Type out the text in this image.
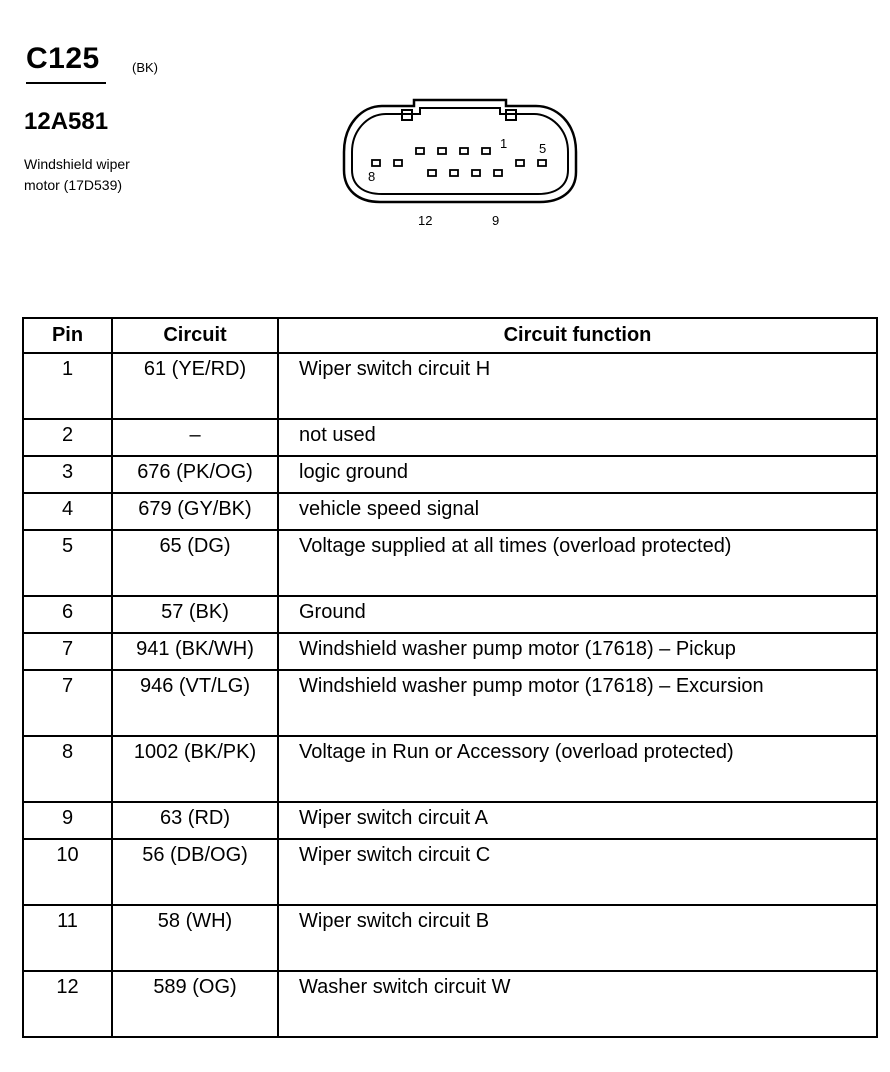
C125 (BK)
12A581
Windshield wiper
motor (17D539)
1 5
8
12	9
Pin	Circuit	Circuit function
1	61 (YE/RD)	Wiper switch circuit H
2	–	not used
3	676 (PK/OG)	logic ground
4	679 (GY/BK)	vehicle speed signal
5	65 (DG)	Voltage supplied at all times (overload protected)
6	57 (BK)	Ground
7	941 (BK/WH)	Windshield washer pump motor (17618) – Pickup
7	946 (VT/LG)	Windshield washer pump motor (17618) – Excursion
8	1002 (BK/PK)	Voltage in Run or Accessory (overload protected)
9	63 (RD)	Wiper switch circuit A
10	56 (DB/OG)	Wiper switch circuit C
11	58 (WH)	Wiper switch circuit B
12	589 (OG)	Washer switch circuit W
